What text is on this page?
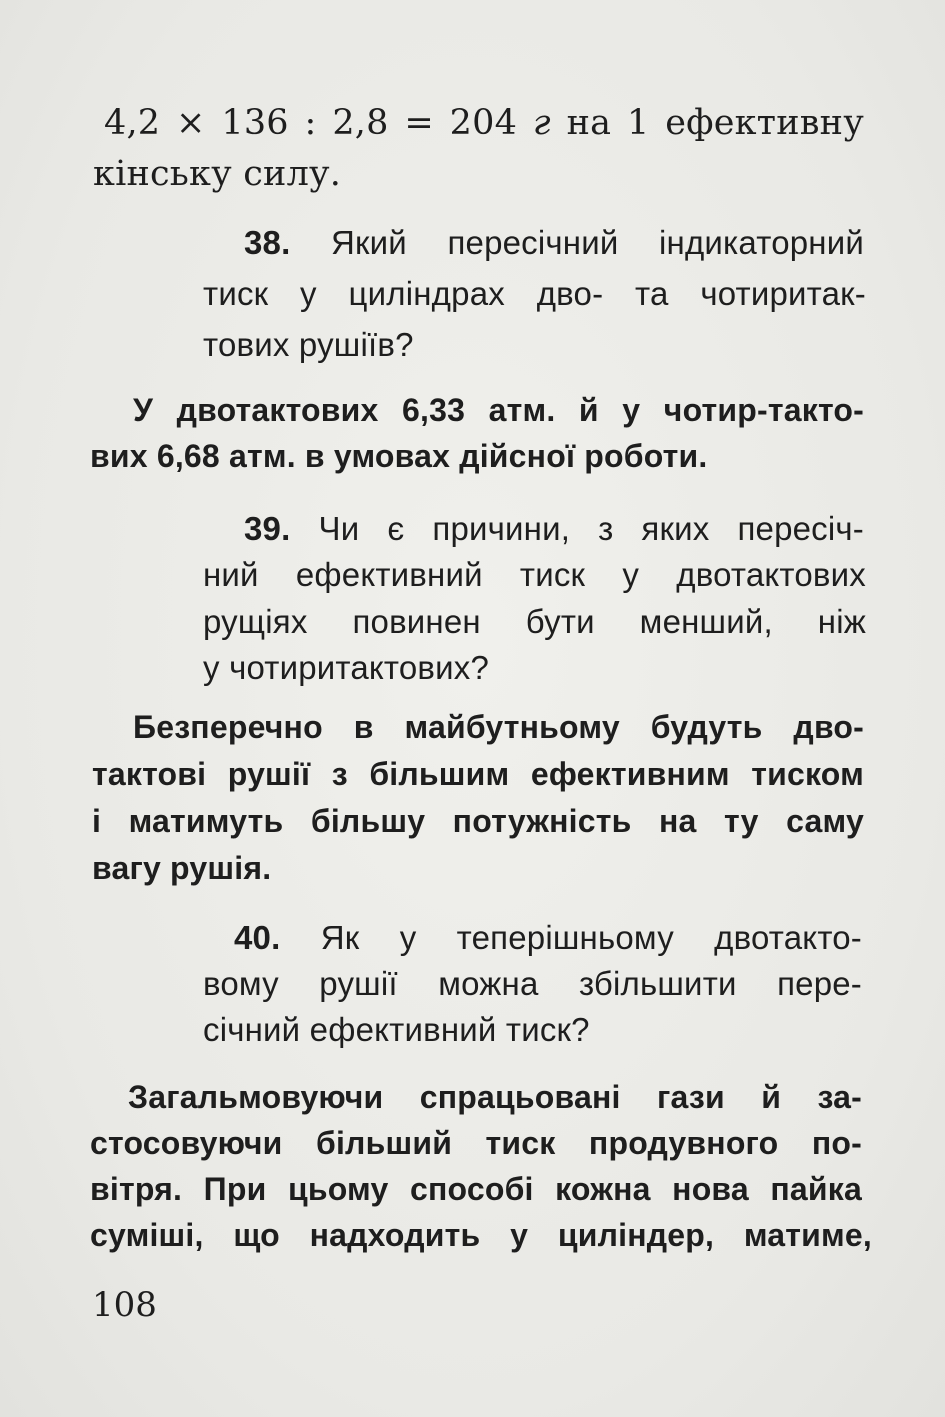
4,2 × 136 : 2,8 = 204 г на 1 ефективну
кінську силу.
38. Який пересічний індикаторний
тиск у циліндрах дво- та чотиритак-
тових рушіїв?
У двотактових 6,33 атм. й у чотир-такто-
вих 6,68 атм. в умовах дійсної роботи.
39. Чи є причини, з яких пересіч-
ний ефективний тиск у двотактових
рущіях повинен бути менший, ніж
у чотиритактових?
Безперечно в майбутньому будуть дво-
тактові рушії з більшим ефективним тиском
і матимуть більшу потужність на ту саму
вагу рушія.
40. Як у теперішньому двотакто-
вому рушії можна збільшити пере-
січний ефективний тиск?
Загальмовуючи спрацьовані гази й за-
стосовуючи більший тиск продувного по-
вітря. При цьому способі кожна нова пайка
суміші, що надходить у циліндер, матиме,
108
